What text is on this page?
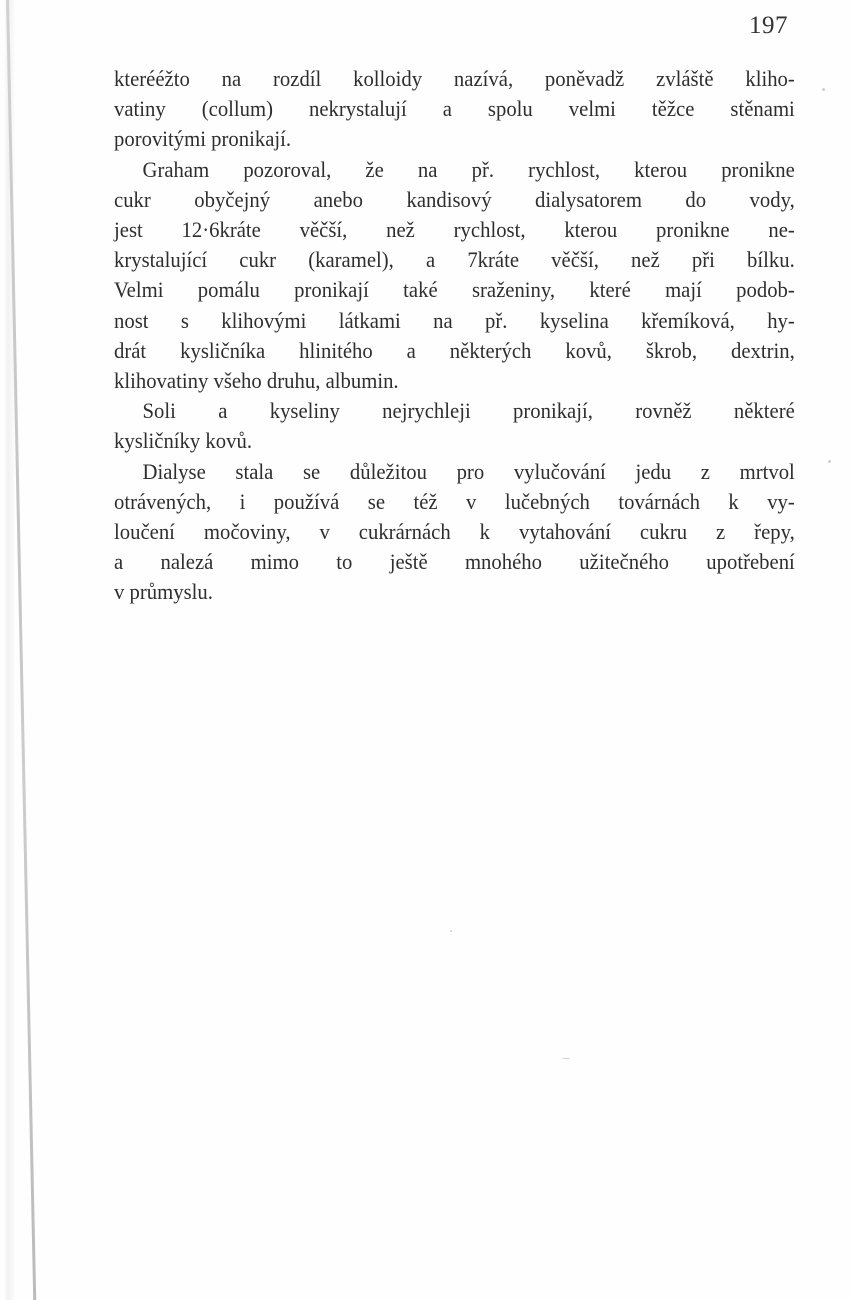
197
kterééžto na rozdíl kolloidy nazívá, poněvadž zvláště kliho-
vatiny (collum) nekrystalují a spolu velmi těžce stěnami
porovitými pronikají.
Graham pozoroval, že na př. rychlost, kterou pronikne
cukr obyčejný anebo kandisový dialysatorem do vody,
jest 12·6kráte věčší, než rychlost, kterou pronikne ne-
krystalující cukr (karamel), a 7kráte věčší, než při bílku.
Velmi pomálu pronikají také sraženiny, které mají podob-
nost s klihovými látkami na př. kyselina křemíková, hy-
drát kysličníka hlinitého a některých kovů, škrob, dextrin,
klihovatiny všeho druhu, albumin.
Soli a kyseliny nejrychleji pronikají, rovněž některé
kysličníky kovů.
Dialyse stala se důležitou pro vylučování jedu z mrtvol
otrávených, i používá se též v lučebných továrnách k vy-
loučení močoviny, v cukrárnách k vytahování cukru z řepy,
a nalezá mimo to ještě mnohého užitečného upotřebení
v průmyslu.
